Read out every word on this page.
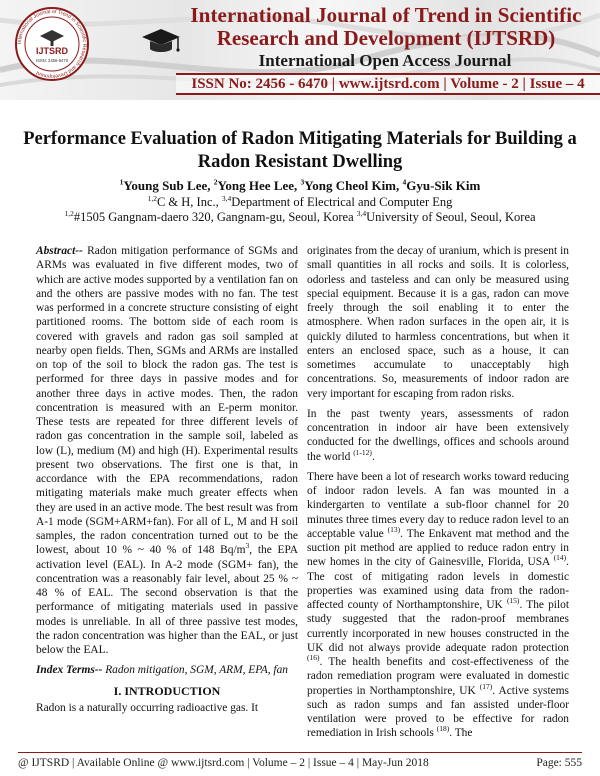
International Journal of Trend in Scientific Research and Development
IJTSRD
ISSN: 2456-6470
International Journal of Trend in Scientific
Research and Development (IJTSRD)
International Open Access Journal
ISSN No: 2456 - 6470 | www.ijtsrd.com | Volume - 2 | Issue – 4
Performance Evaluation of Radon Mitigating Materials for Building a Radon Resistant Dwelling
$^1$Young Sub Lee, $^2$Yong Hee Lee, $^3$Yong Cheol Kim, $^4$Gyu-Sik Kim
$^{1,2}$C & H, Inc., $^{3,4}$Department of Electrical and Computer Eng
$^{1,2}$#1505 Gangnam-daero 320, Gangnam-gu, Seoul, Korea $^{3,4}$University of Seoul, Seoul, Korea

Abstract-- Radon mitigation performance of SGMs and ARMs was evaluated in five different modes, two of which are active modes supported by a ventilation fan on and the others are passive modes with no fan. The test was performed in a concrete structure consisting of eight partitioned rooms. The bottom side of each room is covered with gravels and radon gas soil sampled at nearby open fields. Then, SGMs and ARMs are installed on top of the soil to block the radon gas. The test is performed for three days in passive modes and for another three days in active modes. Then, the radon concentration is measured with an E-perm monitor. These tests are repeated for three different levels of radon gas concentration in the sample soil, labeled as low (L), medium (M) and high (H). Experimental results present two observations. The first one is that, in accordance with the EPA recommendations, radon mitigating materials make much greater effects when they are used in an active mode. The best result was from A-1 mode (SGM+ARM+fan). For all of L, M and H soil samples, the radon concentration turned out to be the lowest, about 10 % ~ 40 % of 148 $Bq/m^3$, the EPA activation level (EAL). In A-2 mode (SGM+ fan), the concentration was a reasonably fair level, about 25 % ~ 48 % of EAL. The second observation is that the performance of mitigating materials used in passive modes is unreliable. In all of three passive test modes, the radon concentration was higher than the EAL, or just below the EAL.

Index Terms-- Radon mitigation, SGM, ARM, EPA, fan

I. INTRODUCTION

Radon is a naturally occurring radioactive gas. It

originates from the decay of uranium, which is present in small quantities in all rocks and soils. It is colorless, odorless and tasteless and can only be measured using special equipment. Because it is a gas, radon can move freely through the soil enabling it to enter the atmosphere. When radon surfaces in the open air, it is quickly diluted to harmless concentrations, but when it enters an enclosed space, such as a house, it can sometimes accumulate to unacceptably high concentrations. So, measurements of indoor radon are very important for escaping from radon risks.

In the past twenty years, assessments of radon concentration in indoor air have been extensively conducted for the dwellings, offices and schools around the world $^{(1-12)}$.

There have been a lot of research works toward reducing of indoor radon levels. A fan was mounted in a kindergarten to ventilate a sub-floor channel for 20 minutes three times every day to reduce radon level to an acceptable value $^{(13)}$. The Enkavent mat method and the suction pit method are applied to reduce radon entry in new homes in the city of Gainesville, Florida, USA $^{(14)}$. The cost of mitigating radon levels in domestic properties was examined using data from the radon-affected county of Northamptonshire, UK $^{(15)}$. The pilot study suggested that the radon-proof membranes currently incorporated in new houses constructed in the UK did not always provide adequate radon protection $^{(16)}$. The health benefits and cost-effectiveness of the radon remediation program were evaluated in domestic properties in Northamptonshire, UK $^{(17)}$. Active systems such as radon sumps and fan assisted under-floor ventilation were proved to be effective for radon remediation in Irish schools $^{(18)}$. The

@ IJTSRD | Available Online @ www.ijtsrd.com | Volume – 2 | Issue – 4 | May-Jun 2018	Page: 555
